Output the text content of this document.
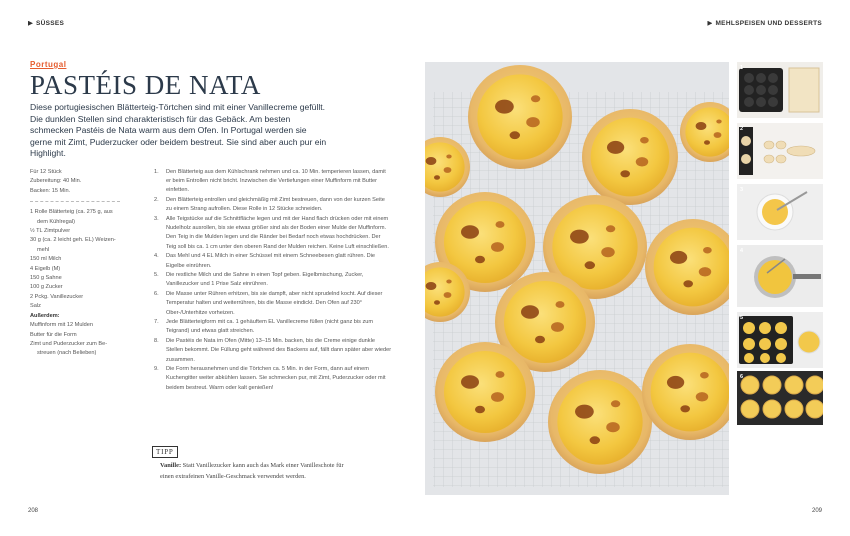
SÜSSES	MEHLSPEISEN UND DESSERTS
Portugal
PASTÉIS DE NATA

Diese portugiesischen Blätterteig-Törtchen sind mit einer Vanillecreme gefüllt. Die dunklen Stellen sind charakteristisch für das Gebäck. Am besten schmecken Pastéis de Nata warm aus dem Ofen. In Portugal werden sie gerne mit Zimt, Puderzucker oder beidem bestreut. Sie sind aber auch pur ein Highlight.

Für 12 Stück
Zubereitung: 40 Min.
Backen: 15 Min.
1 Rolle Blätterteig (ca. 275 g, aus
dem Kühlregal)
½ TL Zimtpulver
30 g (ca. 2 leicht geh. EL) Weizen-
mehl
150 ml Milch
4 Eigelb (M)
150 g Sahne
100 g Zucker
2 Pckg. Vanillezucker
Salz
Außerdem:
Muffinform mit 12 Mulden
Butter für die Form
Zimt und Puderzucker zum Be-
streuen (nach Belieben)
1. Den Blätterteig aus dem Kühlschrank nehmen und ca. 10 Min. temperieren lassen, damit er beim Entrollen nicht bricht. Inzwischen die Vertiefungen einer Muffinform mit Butter einfetten.
2. Den Blätterteig entrollen und gleichmäßig mit Zimt bestreuen, dann von der kurzen Seite zu einem Strang aufrollen. Diese Rolle in 12 Stücke schneiden.
3. Alle Teigstücke auf die Schnittfläche legen und mit der Hand flach drücken oder mit einem Nudelholz ausrollen, bis sie etwas größer sind als der Boden einer Mulde der Muffinform. Den Teig in die Mulden legen und die Ränder bei Bedarf noch etwas hochdrücken. Der Teig soll bis ca. 1 cm unter den oberen Rand der Mulden reichen. Keine Luft einschließen.
4. Das Mehl und 4 EL Milch in einer Schüssel mit einem Schneebesen glatt rühren. Die Eigelbe einrühren.
5. Die restliche Milch und die Sahne in einen Topf geben. Eigelbmischung, Zucker, Vanillezucker und 1 Prise Salz einrühren.
6. Die Masse unter Rühren erhitzen, bis sie dampft, aber nicht sprudelnd kocht. Auf dieser Temperatur halten und weiterrühren, bis die Masse eindickt. Den Ofen auf 230° Ober-/Unterhitze vorheizen.
7. Jede Blätterteigform mit ca. 1 gehäuftem EL Vanillecreme füllen (nicht ganz bis zum Teigrand) und etwas glatt streichen.
8. Die Pastéis de Nata im Ofen (Mitte) 13–15 Min. backen, bis die Creme einige dunkle Stellen bekommt. Die Füllung geht während des Backens auf, fällt dann später aber wieder zusammen.
9. Die Form herausnehmen und die Törtchen ca. 5 Min. in der Form, dann auf einem Kuchengitter weiter abkühlen lassen. Sie schmecken pur, mit Zimt, Puderzucker oder mit beidem bestreut. Warm oder kalt genießen!
TIPP

Vanille: Statt Vanillezucker kann auch das Mark einer Vanilleschote für einen extrafeinen Vanille-Geschmack verwendet werden.

1
2
3
4
5
6
208	209
